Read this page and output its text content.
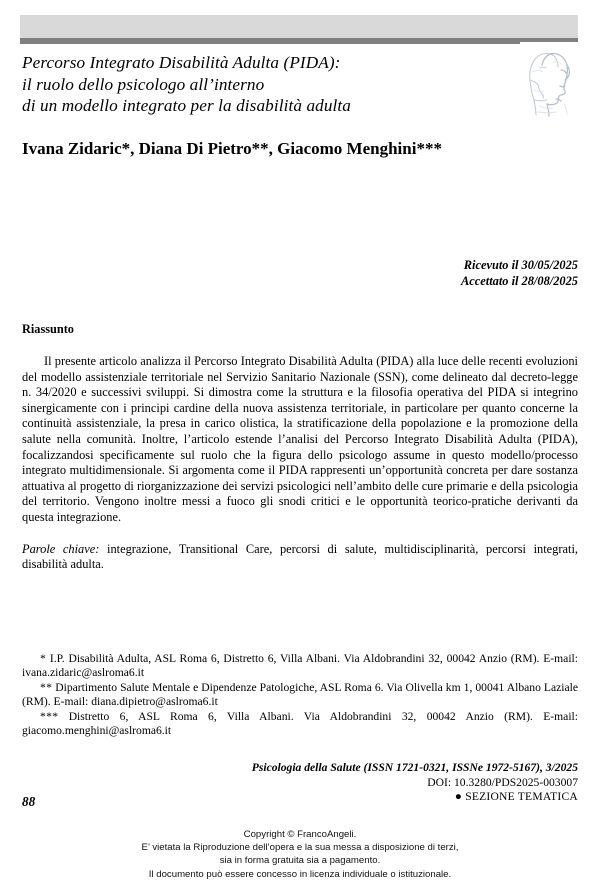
Percorso Integrato Disabilità Adulta (PIDA):
il ruolo dello psicologo all’interno
di un modello integrato per la disabilità adulta
Ivana Zidaric*, Diana Di Pietro**, Giacomo Menghini***
Ricevuto il 30/05/2025
Accettato il 28/08/2025
Riassunto
Il presente articolo analizza il Percorso Integrato Disabilità Adulta (PIDA) alla luce delle recenti evoluzioni del modello assistenziale territoriale nel Servizio Sanitario Nazionale (SSN), come delineato dal decreto-legge n. 34/2020 e successivi sviluppi. Si dimostra come la struttura e la filosofia operativa del PIDA si integrino sinergicamente con i principi cardine della nuova assistenza territoriale, in particolare per quanto concerne la continuità assistenziale, la presa in carico olistica, la stratificazione della popolazione e la promozione della salute nella comunità. Inoltre, l’articolo estende l’analisi del Percorso Integrato Disabilità Adulta (PIDA), focalizzandosi specificamente sul ruolo che la figura dello psicologo assume in questo modello/processo integrato multidimensionale. Si argomenta come il PIDA rappresenti un’opportunità concreta per dare sostanza attuativa al progetto di riorganizzazione dei servizi psicologici nell’ambito delle cure primarie e della psicologia del territorio. Vengono inoltre messi a fuoco gli snodi critici e le opportunità teorico-pratiche derivanti da questa integrazione.
Parole chiave: integrazione, Transitional Care, percorsi di salute, multidisciplinarità, percorsi integrati, disabilità adulta.
* I.P. Disabilità Adulta, ASL Roma 6, Distretto 6, Villa Albani. Via Aldobrandini 32, 00042 Anzio (RM). E-mail: ivana.zidaric@aslroma6.it
** Dipartimento Salute Mentale e Dipendenze Patologiche, ASL Roma 6. Via Olivella km 1, 00041 Albano Laziale (RM). E-mail: diana.dipietro@aslroma6.it
*** Distretto 6, ASL Roma 6, Villa Albani. Via Aldobrandini 32, 00042 Anzio (RM). E-mail: giacomo.menghini@aslroma6.it
Psicologia della Salute (ISSN 1721-0321, ISSNe 1972-5167), 3/2025
DOI: 10.3280/PDS2025-003007
● SEZIONE TEMATICA
88
Copyright © FrancoAngeli.
E’ vietata la Riproduzione dell’opera e la sua messa a disposizione di terzi,
sia in forma gratuita sia a pagamento.
Il documento può essere concesso in licenza individuale o istituzionale.
